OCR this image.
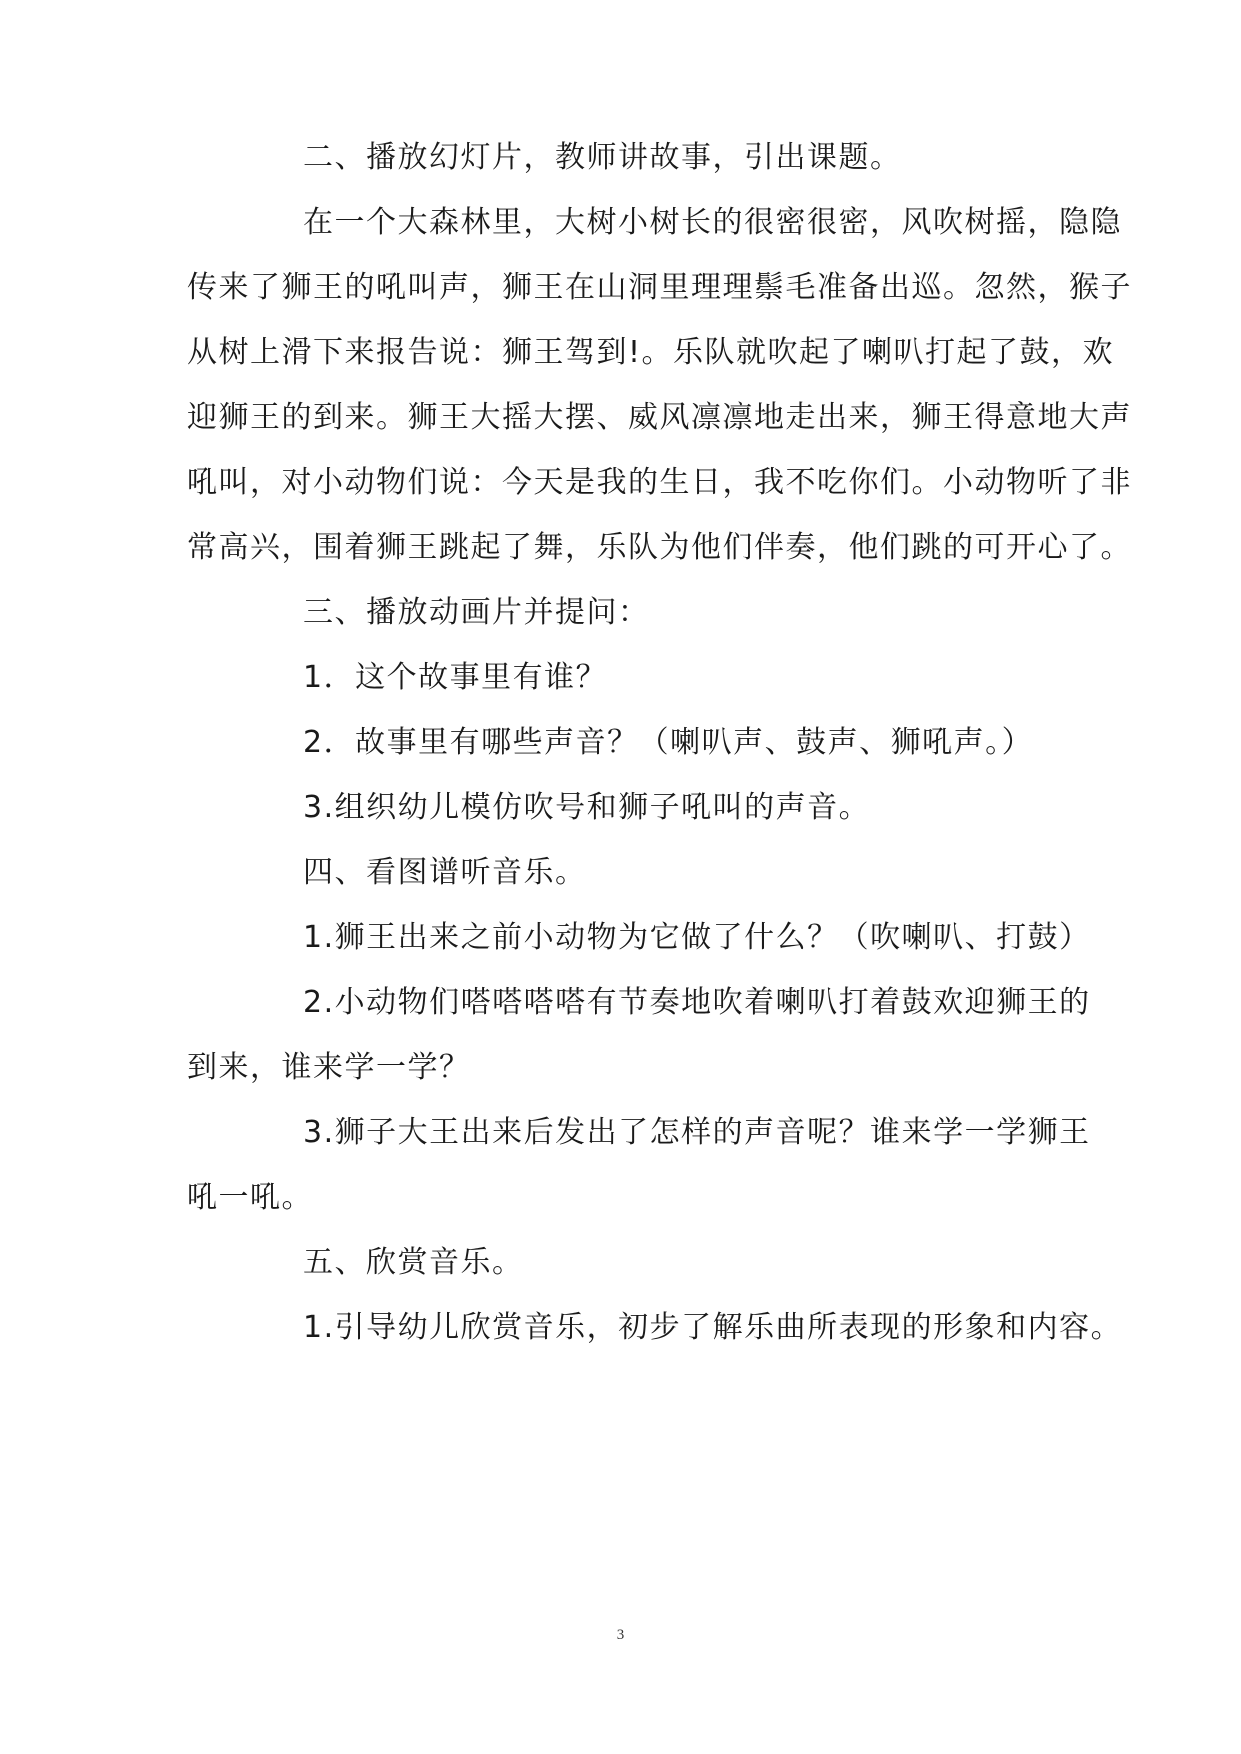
二、播放幻灯片，教师讲故事，引出课题。
在一个大森林里，大树小树长的很密很密，风吹树摇，隐隐
传来了狮王的吼叫声，狮王在山洞里理理鬃毛准备出巡。忽然，猴子
从树上滑下来报告说：狮王驾到!。乐队就吹起了喇叭打起了鼓，欢
迎狮王的到来。狮王大摇大摆、威风凛凛地走出来，狮王得意地大声
吼叫，对小动物们说：今天是我的生日，我不吃你们。小动物听了非
常高兴，围着狮王跳起了舞，乐队为他们伴奏，他们跳的可开心了。
三、播放动画片并提问：
1．这个故事里有谁？
2．故事里有哪些声音？（喇叭声、鼓声、狮吼声。）
3.组织幼儿模仿吹号和狮子吼叫的声音。
四、看图谱听音乐。
1.狮王出来之前小动物为它做了什么？（吹喇叭、打鼓）
2.小动物们嗒嗒嗒嗒有节奏地吹着喇叭打着鼓欢迎狮王的
到来，谁来学一学？
3.狮子大王出来后发出了怎样的声音呢？谁来学一学狮王
吼一吼。
五、欣赏音乐。
1.引导幼儿欣赏音乐，初步了解乐曲所表现的形象和内容。
3
